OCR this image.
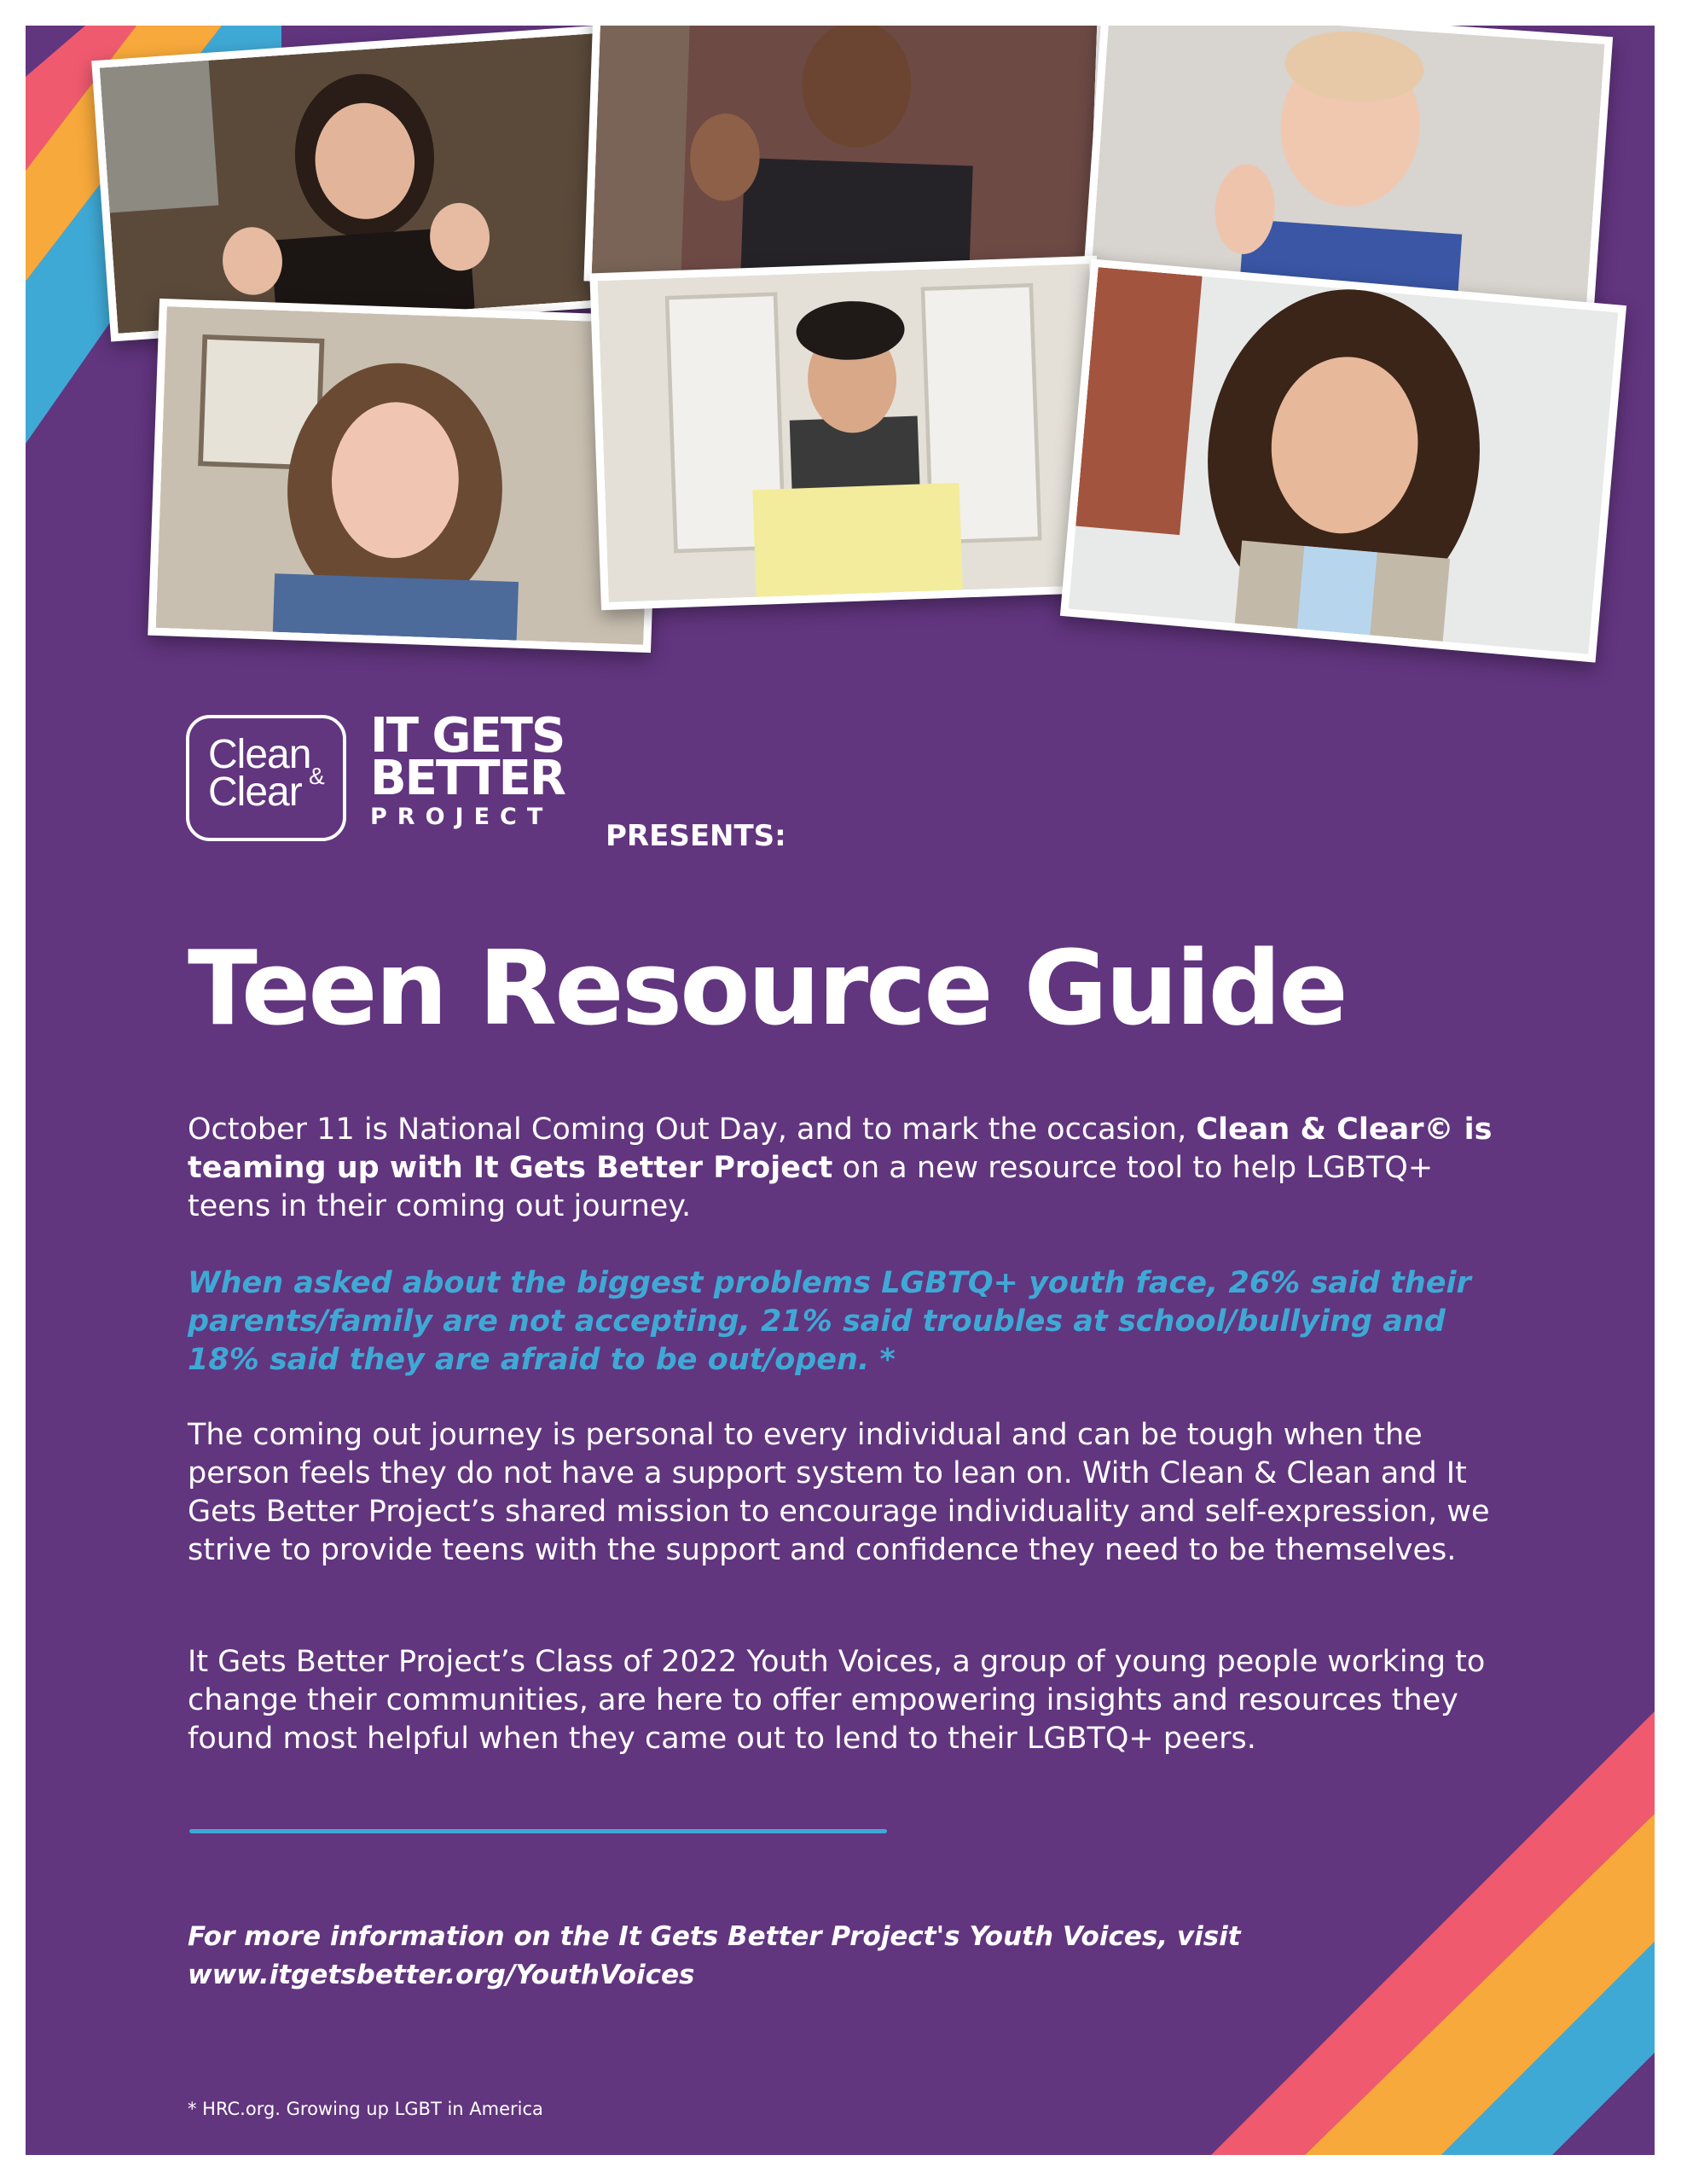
Clean
&
Clear
IT GETS
BETTER
PROJECT
PRESENTS:
Teen Resource Guide

October 11 is National Coming Out Day, and to mark the occasion, Clean & Clear© is teaming up with It Gets Better Project on a new resource tool to help LGBTQ+ teens in their coming out journey.

When asked about the biggest problems LGBTQ+ youth face, 26% said their parents/family are not accepting, 21% said troubles at school/bullying and 18% said they are afraid to be out/open. *

The coming out journey is personal to every individual and can be tough when the person feels they do not have a support system to lean on. With Clean & Clean and It Gets Better Project’s shared mission to encourage individuality and self-expression, we strive to provide teens with the support and confidence they need to be themselves.

It Gets Better Project’s Class of 2022 Youth Voices, a group of young people working to change their communities, are here to offer empowering insights and resources they found most helpful when they came out to lend to their LGBTQ+ peers.

For more information on the It Gets Better Project's Youth Voices, visit
www.itgetsbetter.org/YouthVoices

* HRC.org. Growing up LGBT in America
